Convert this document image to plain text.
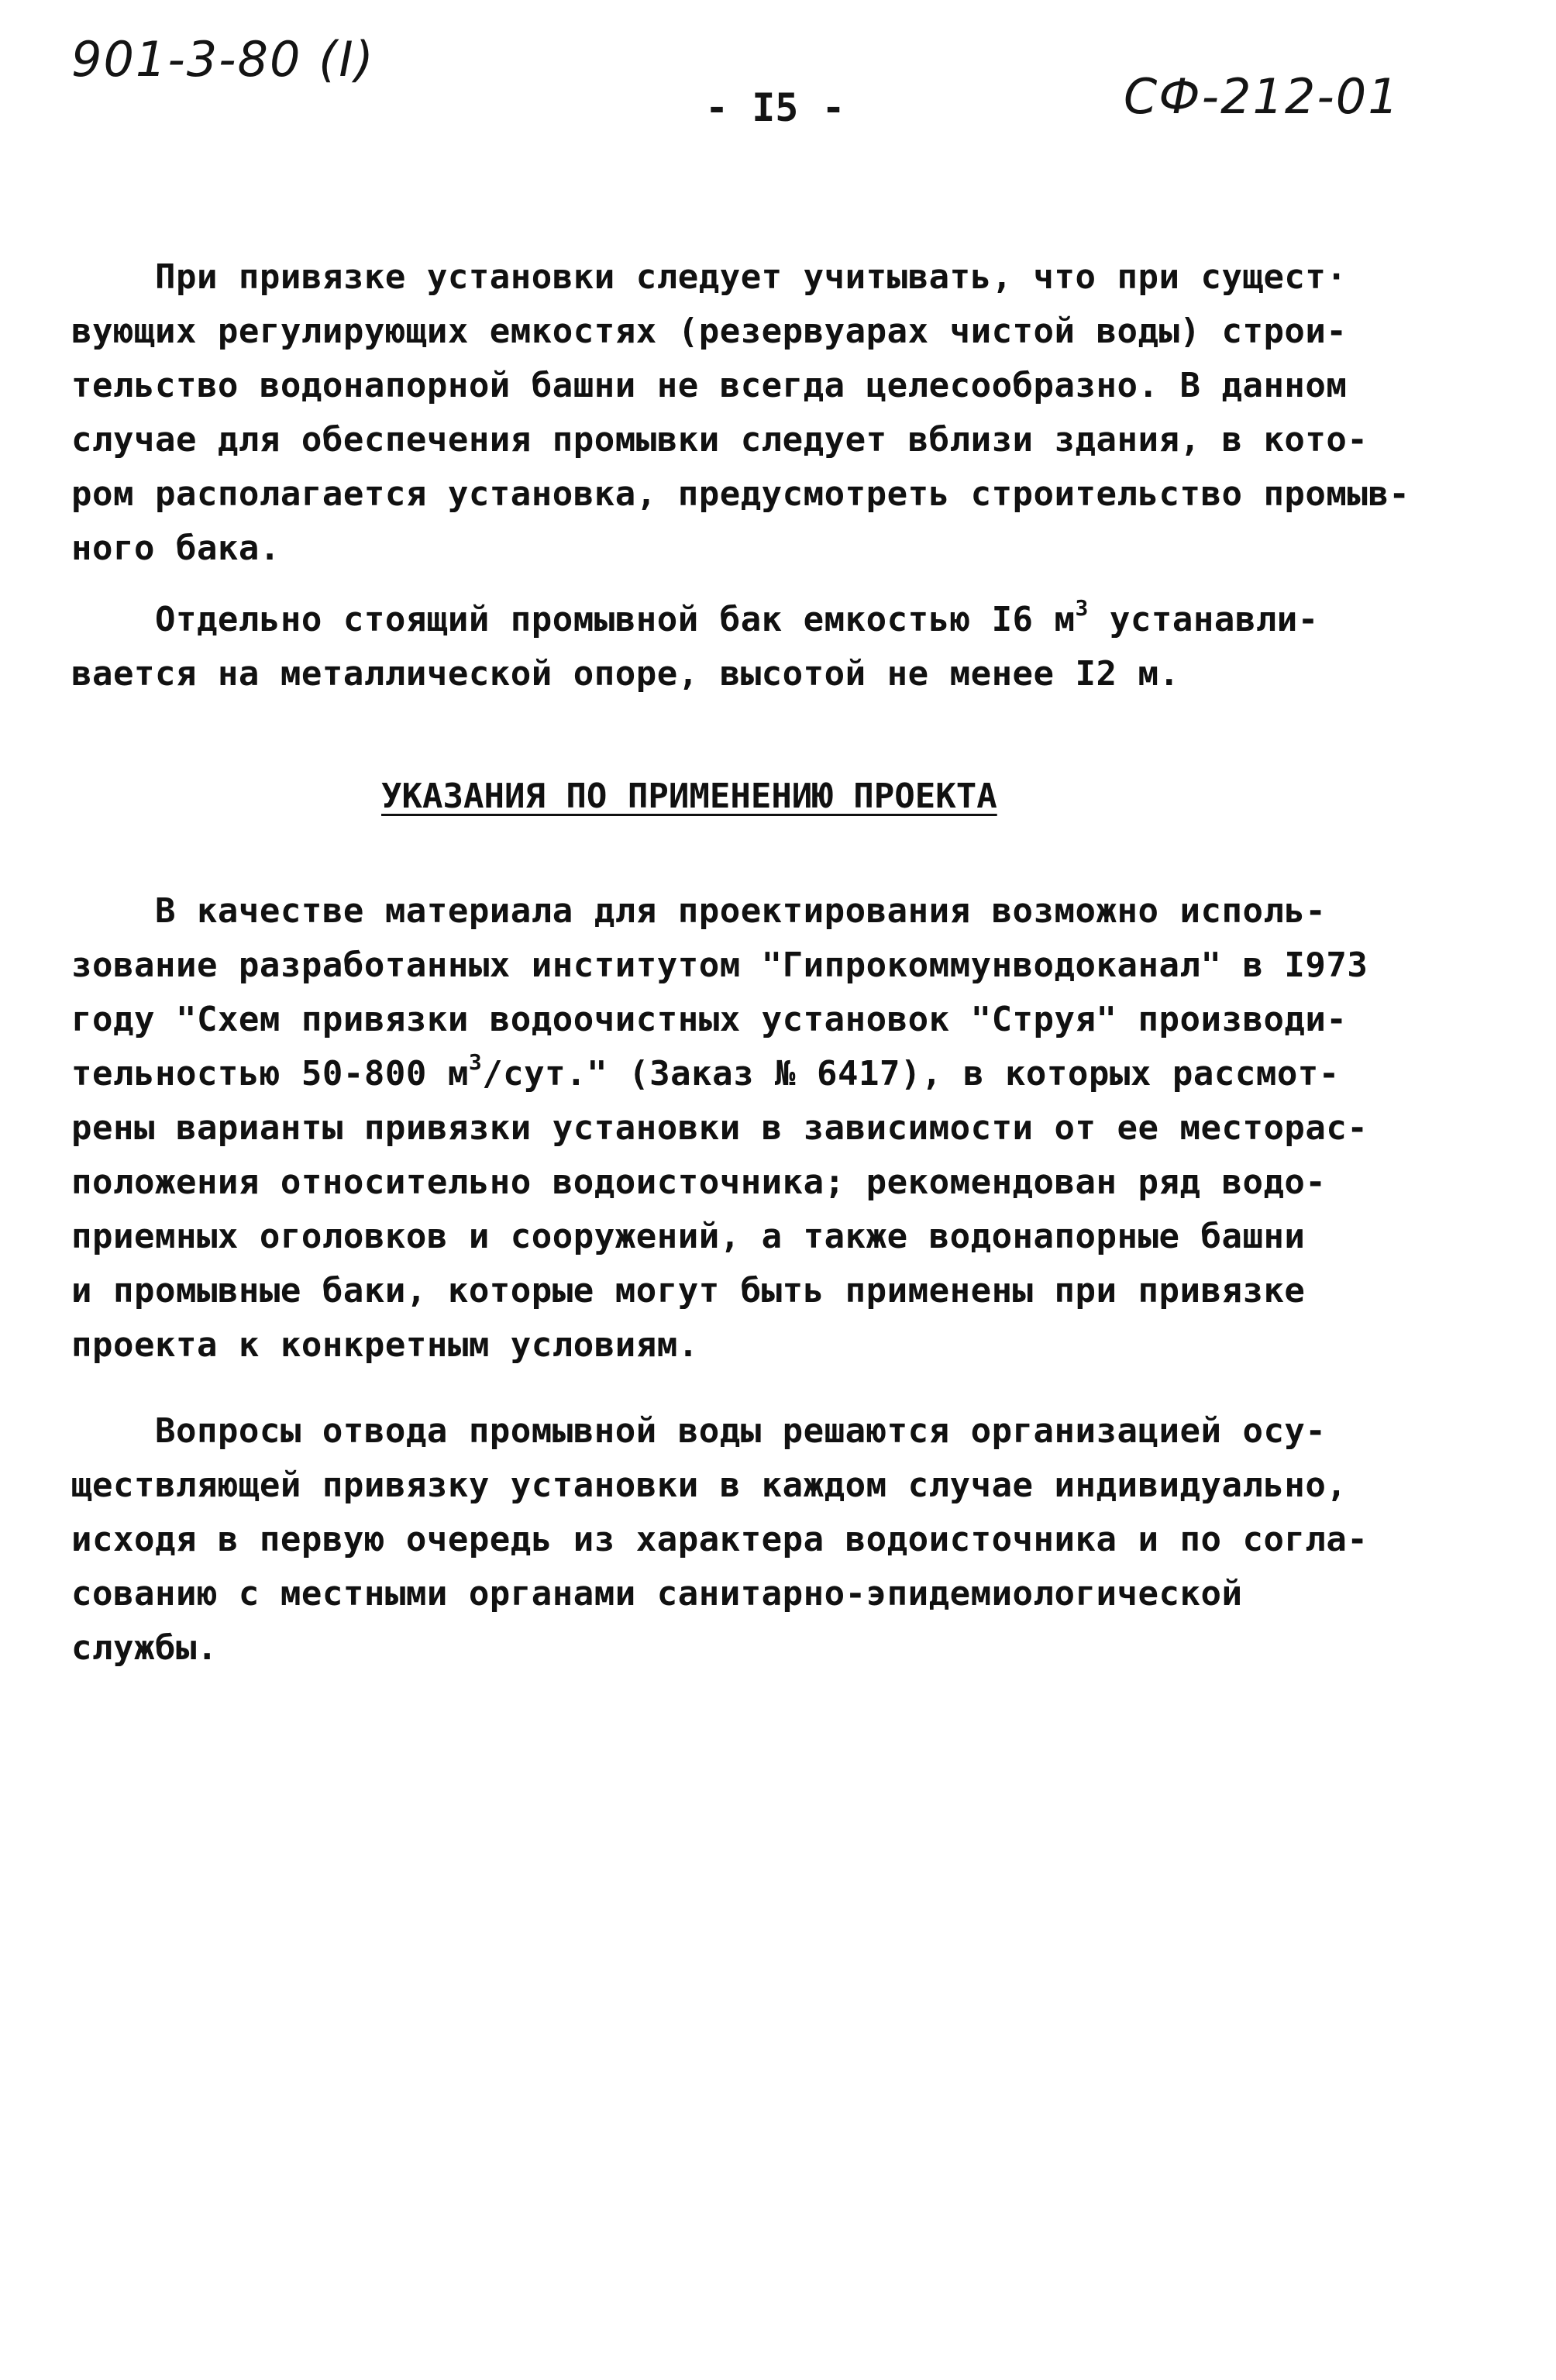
901-3-80 (I)
- I5 -	СФ-212-01

При привязке установки следует учитывать, что при сущест·

вующих регулирующих емкостях (резервуарах чистой воды) строи-

тельство водонапорной башни не всегда целесообразно. В данном

случае для обеспечения промывки следует вблизи здания, в кото-

ром располагается установка, предусмотреть строительство промыв-

ного бака.

Отдельно стоящий промывной бак емкостью I6 $м^3$ устанавли-

вается на металлической опоре, высотой не менее I2 м.

УКАЗАНИЯ ПО ПРИМЕНЕНИЮ ПРОЕКТА

В качестве материала для проектирования возможно исполь-

зование разработанных институтом "Гипрокоммунводоканал" в I973

году "Схем привязки водоочистных установок "Струя" производи-

тельностью 50-800 $м^3$/сут." (Заказ № 6417), в которых рассмот-

рены варианты привязки установки в зависимости от ее месторас-

положения относительно водоисточника; рекомендован ряд водо-

приемных оголовков и сооружений, а также водонапорные башни

и промывные баки, которые могут быть применены при привязке

проекта к конкретным условиям.

Вопросы отвода промывной воды решаются организацией осу-

ществляющей привязку установки в каждом случае индивидуально,

исходя в первую очередь из характера водоисточника и по согла-

сованию с местными органами санитарно-эпидемиологической

службы.
